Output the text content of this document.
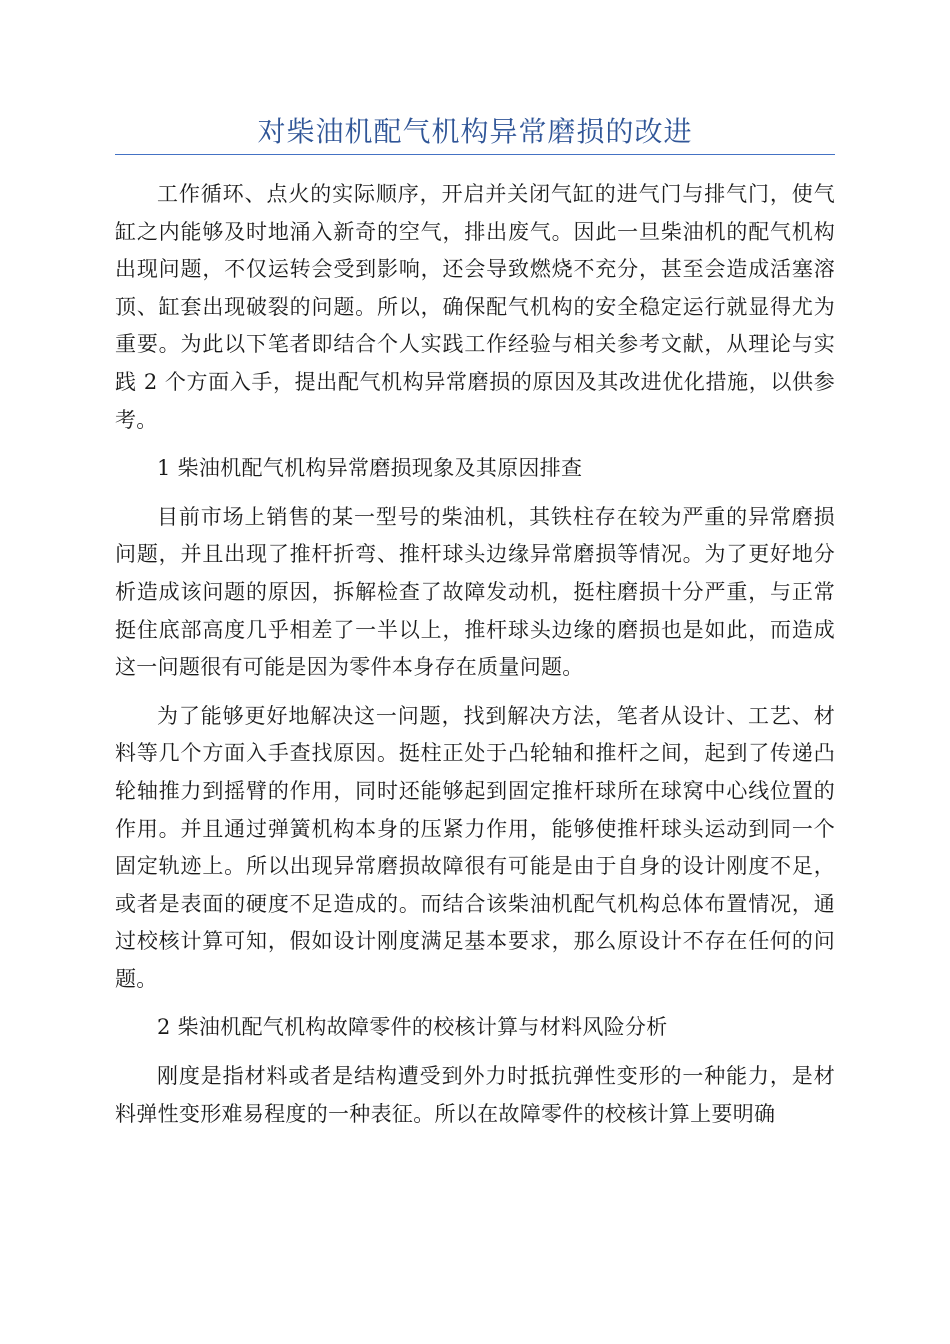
对柴油机配气机构异常磨损的改进

工作循环、点火的实际顺序，开启并关闭气缸的进气门与排气门，使气缸之内能够及时地涌入新奇的空气，排出废气。因此一旦柴油机的配气机构出现问题，不仅运转会受到影响，还会导致燃烧不充分，甚至会造成活塞溶顶、缸套出现破裂的问题。所以，确保配气机构的安全稳定运行就显得尤为重要。为此以下笔者即结合个人实践工作经验与相关参考文献，从理论与实践 2 个方面入手，提出配气机构异常磨损的原因及其改进优化措施，以供参考。

1 柴油机配气机构异常磨损现象及其原因排查

目前市场上销售的某一型号的柴油机，其铁柱存在较为严重的异常磨损问题，并且出现了推杆折弯、推杆球头边缘异常磨损等情况。为了更好地分析造成该问题的原因，拆解检查了故障发动机，挺柱磨损十分严重，与正常挺住底部高度几乎相差了一半以上，推杆球头边缘的磨损也是如此，而造成这一问题很有可能是因为零件本身存在质量问题。

为了能够更好地解决这一问题，找到解决方法，笔者从设计、工艺、材料等几个方面入手查找原因。挺柱正处于凸轮轴和推杆之间，起到了传递凸轮轴推力到摇臂的作用，同时还能够起到固定推杆球所在球窝中心线位置的作用。并且通过弹簧机构本身的压紧力作用，能够使推杆球头运动到同一个固定轨迹上。所以出现异常磨损故障很有可能是由于自身的设计刚度不足，或者是表面的硬度不足造成的。而结合该柴油机配气机构总体布置情况，通过校核计算可知，假如设计刚度满足基本要求，那么原设计不存在任何的问题。

2 柴油机配气机构故障零件的校核计算与材料风险分析

刚度是指材料或者是结构遭受到外力时抵抗弹性变形的一种能力，是材料弹性变形难易程度的一种表征。所以在故障零件的校核计算上要明确
